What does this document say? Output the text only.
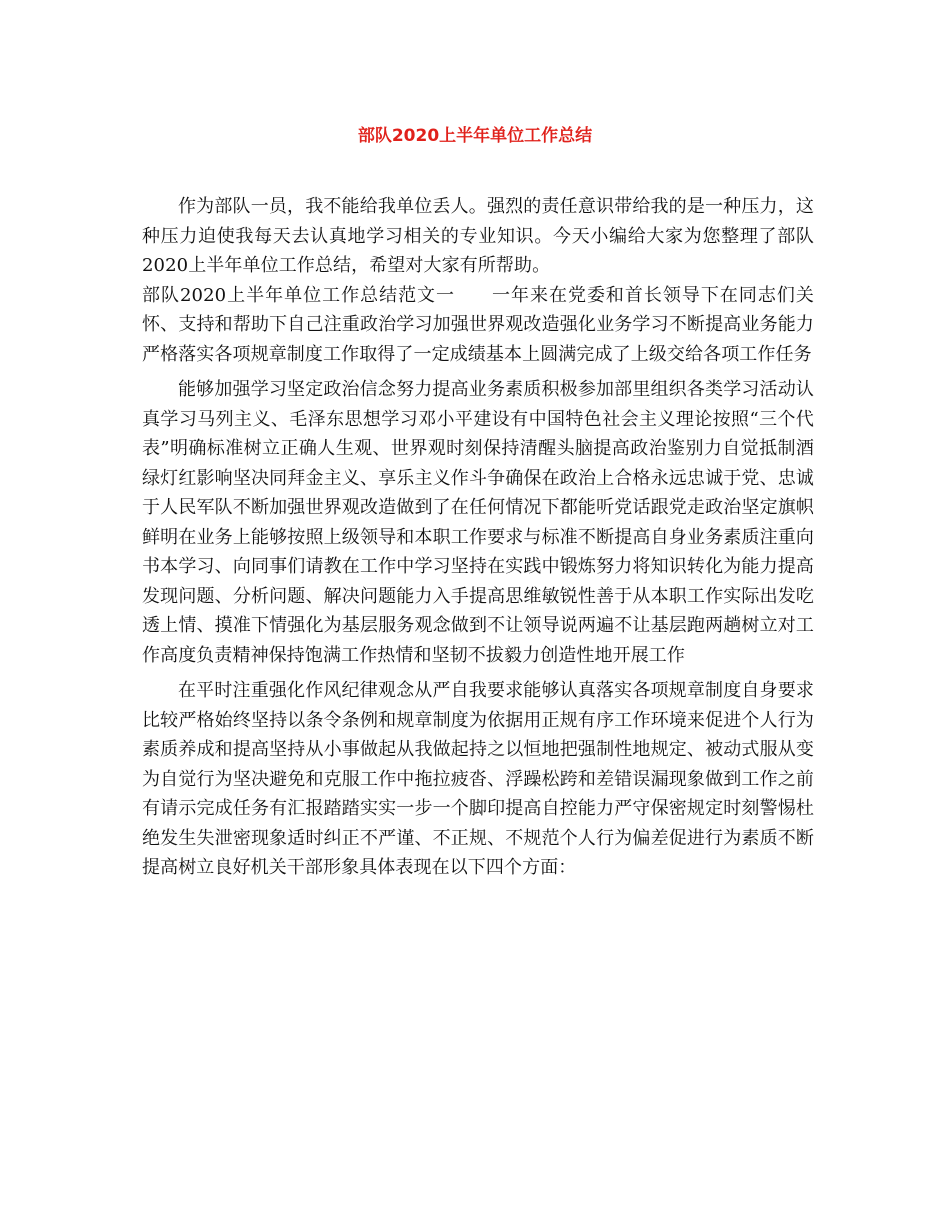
部队2020上半年单位工作总结

作为部队一员，我不能给我单位丢人。强烈的责任意识带给我的是一种压力，这种压力迫使我每天去认真地学习相关的专业知识。今天小编给大家为您整理了部队2020上半年单位工作总结，希望对大家有所帮助。

部队2020上半年单位工作总结范文一 一年来在党委和首长领导下在同志们关怀、支持和帮助下自己注重政治学习加强世界观改造强化业务学习不断提高业务能力严格落实各项规章制度工作取得了一定成绩基本上圆满完成了上级交给各项工作任务

能够加强学习坚定政治信念努力提高业务素质积极参加部里组织各类学习活动认真学习马列主义、毛泽东思想学习邓小平建设有中国特色社会主义理论按照“三个代表”明确标准树立正确人生观、世界观时刻保持清醒头脑提高政治鉴别力自觉抵制酒绿灯红影响坚决同拜金主义、享乐主义作斗争确保在政治上合格永远忠诚于党、忠诚于人民军队不断加强世界观改造做到了在任何情况下都能听党话跟党走政治坚定旗帜鲜明在业务上能够按照上级领导和本职工作要求与标准不断提高自身业务素质注重向书本学习、向同事们请教在工作中学习坚持在实践中锻炼努力将知识转化为能力提高发现问题、分析问题、解决问题能力入手提高思维敏锐性善于从本职工作实际出发吃透上情、摸准下情强化为基层服务观念做到不让领导说两遍不让基层跑两趟树立对工作高度负责精神保持饱满工作热情和坚韧不拔毅力创造性地开展工作

在平时注重强化作风纪律观念从严自我要求能够认真落实各项规章制度自身要求比较严格始终坚持以条令条例和规章制度为依据用正规有序工作环境来促进个人行为素质养成和提高坚持从小事做起从我做起持之以恒地把强制性地规定、被动式服从变为自觉行为坚决避免和克服工作中拖拉疲沓、浮躁松跨和差错误漏现象做到工作之前有请示完成任务有汇报踏踏实实一步一个脚印提高自控能力严守保密规定时刻警惕杜绝发生失泄密现象适时纠正不严谨、不正规、不规范个人行为偏差促进行为素质不断提高树立良好机关干部形象具体表现在以下四个方面：
